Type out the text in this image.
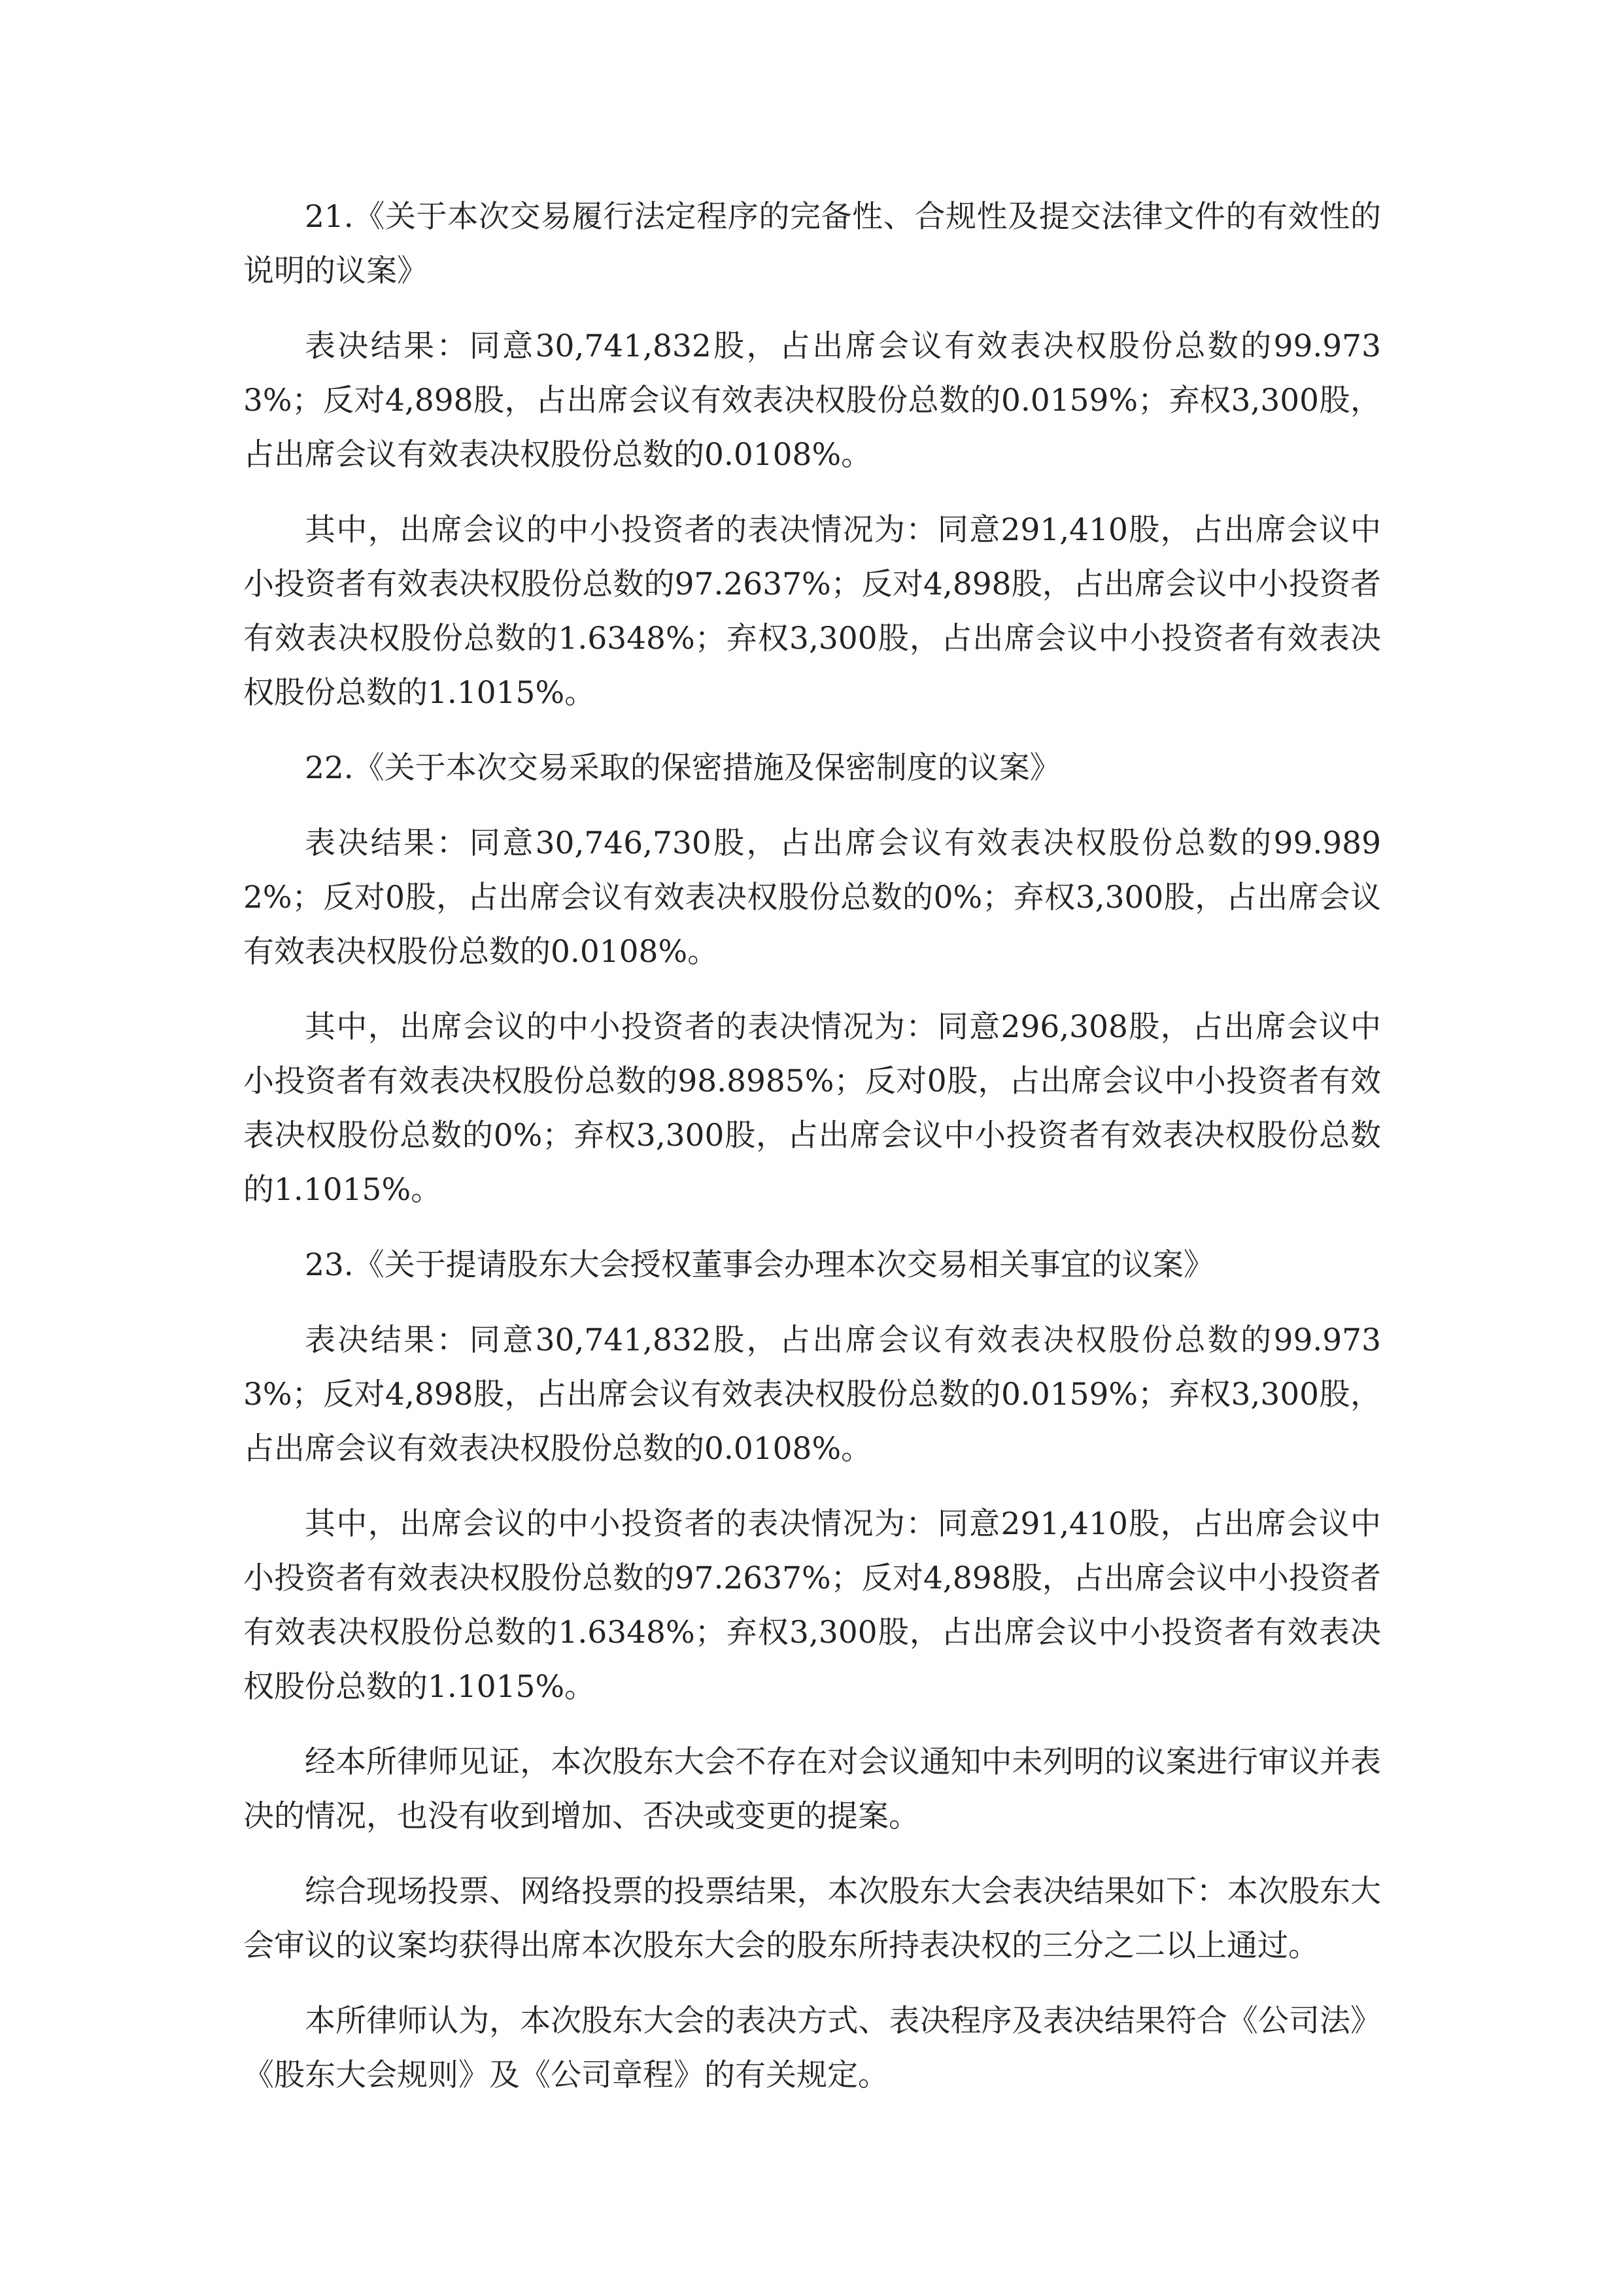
21.《关于本次交易履行法定程序的完备性、合规性及提交法律文件的有效性的说明的议案》

表决结果：同意30,741,832股，占出席会议有效表决权股份总数的99.9733%；反对4,898股，占出席会议有效表决权股份总数的0.0159%；弃权3,300股，占出席会议有效表决权股份总数的0.0108%。

其中，出席会议的中小投资者的表决情况为：同意291,410股，占出席会议中小投资者有效表决权股份总数的97.2637%；反对4,898股，占出席会议中小投资者有效表决权股份总数的1.6348%；弃权3,300股，占出席会议中小投资者有效表决权股份总数的1.1015%。

22.《关于本次交易采取的保密措施及保密制度的议案》

表决结果：同意30,746,730股，占出席会议有效表决权股份总数的99.9892%；反对0股，占出席会议有效表决权股份总数的0%；弃权3,300股，占出席会议有效表决权股份总数的0.0108%。

其中，出席会议的中小投资者的表决情况为：同意296,308股，占出席会议中小投资者有效表决权股份总数的98.8985%；反对0股，占出席会议中小投资者有效表决权股份总数的0%；弃权3,300股，占出席会议中小投资者有效表决权股份总数的1.1015%。

23.《关于提请股东大会授权董事会办理本次交易相关事宜的议案》

表决结果：同意30,741,832股，占出席会议有效表决权股份总数的99.9733%；反对4,898股，占出席会议有效表决权股份总数的0.0159%；弃权3,300股，占出席会议有效表决权股份总数的0.0108%。

其中，出席会议的中小投资者的表决情况为：同意291,410股，占出席会议中小投资者有效表决权股份总数的97.2637%；反对4,898股，占出席会议中小投资者有效表决权股份总数的1.6348%；弃权3,300股，占出席会议中小投资者有效表决权股份总数的1.1015%。

经本所律师见证，本次股东大会不存在对会议通知中未列明的议案进行审议并表决的情况，也没有收到增加、否决或变更的提案。

综合现场投票、网络投票的投票结果，本次股东大会表决结果如下：本次股东大会审议的议案均获得出席本次股东大会的股东所持表决权的三分之二以上通过。

本所律师认为，本次股东大会的表决方式、表决程序及表决结果符合《公司法》《股东大会规则》及《公司章程》的有关规定。
